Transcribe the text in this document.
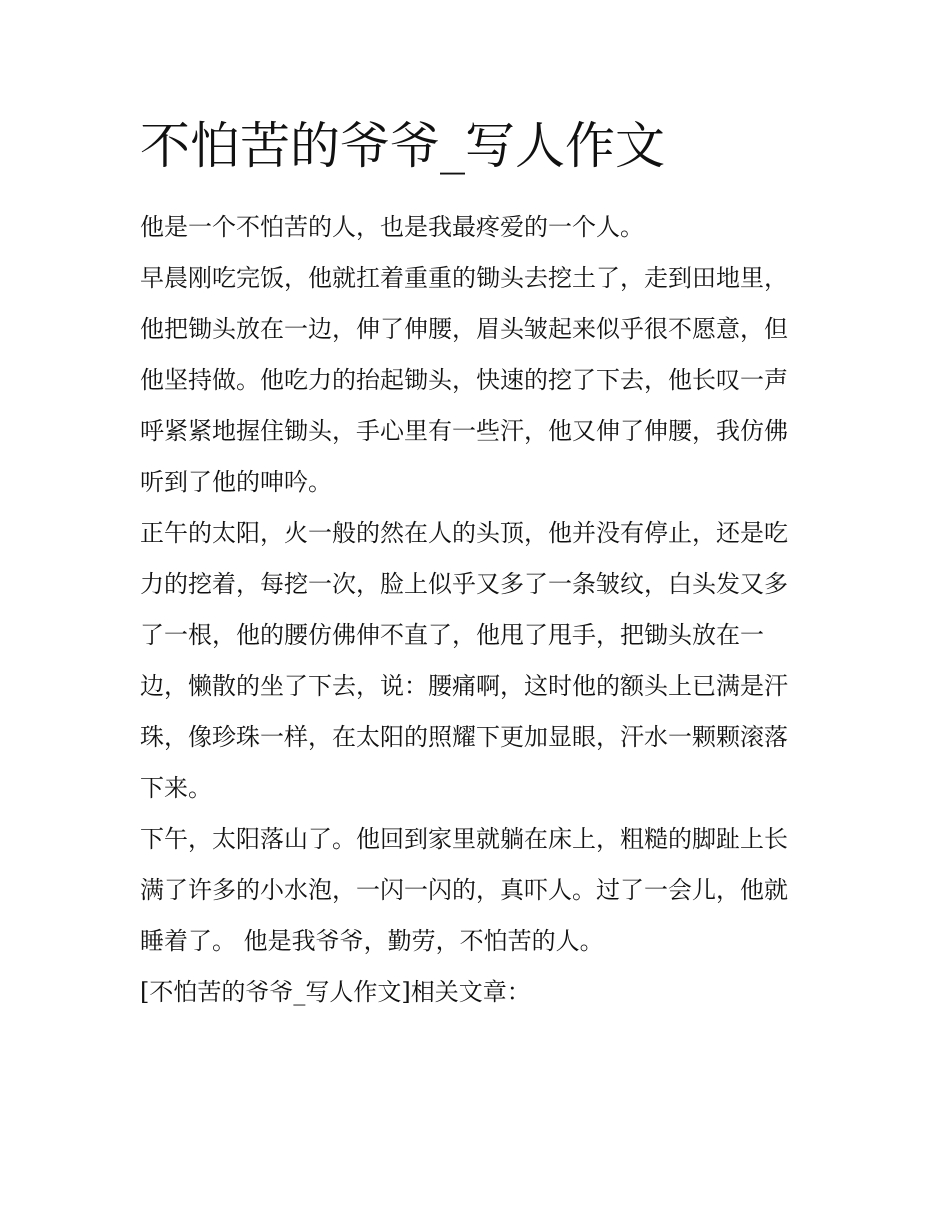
不怕苦的爷爷_写人作文
他是一个不怕苦的人，也是我最疼爱的一个人。
早晨刚吃完饭，他就扛着重重的锄头去挖土了，走到田地里，
他把锄头放在一边，伸了伸腰，眉头皱起来似乎很不愿意，但
他坚持做。他吃力的抬起锄头，快速的挖了下去，他长叹一声
呼紧紧地握住锄头，手心里有一些汗，他又伸了伸腰，我仿佛
听到了他的呻吟。
正午的太阳，火一般的然在人的头顶，他并没有停止，还是吃
力的挖着，每挖一次，脸上似乎又多了一条皱纹，白头发又多
了一根，他的腰仿佛伸不直了，他甩了甩手，把锄头放在一
边，懒散的坐了下去，说：腰痛啊，这时他的额头上已满是汗
珠，像珍珠一样，在太阳的照耀下更加显眼，汗水一颗颗滚落
下来。
下午，太阳落山了。他回到家里就躺在床上，粗糙的脚趾上长
满了许多的小水泡，一闪一闪的，真吓人。过了一会儿，他就
睡着了。 他是我爷爷，勤劳，不怕苦的人。

[不怕苦的爷爷_写人作文]相关文章：
